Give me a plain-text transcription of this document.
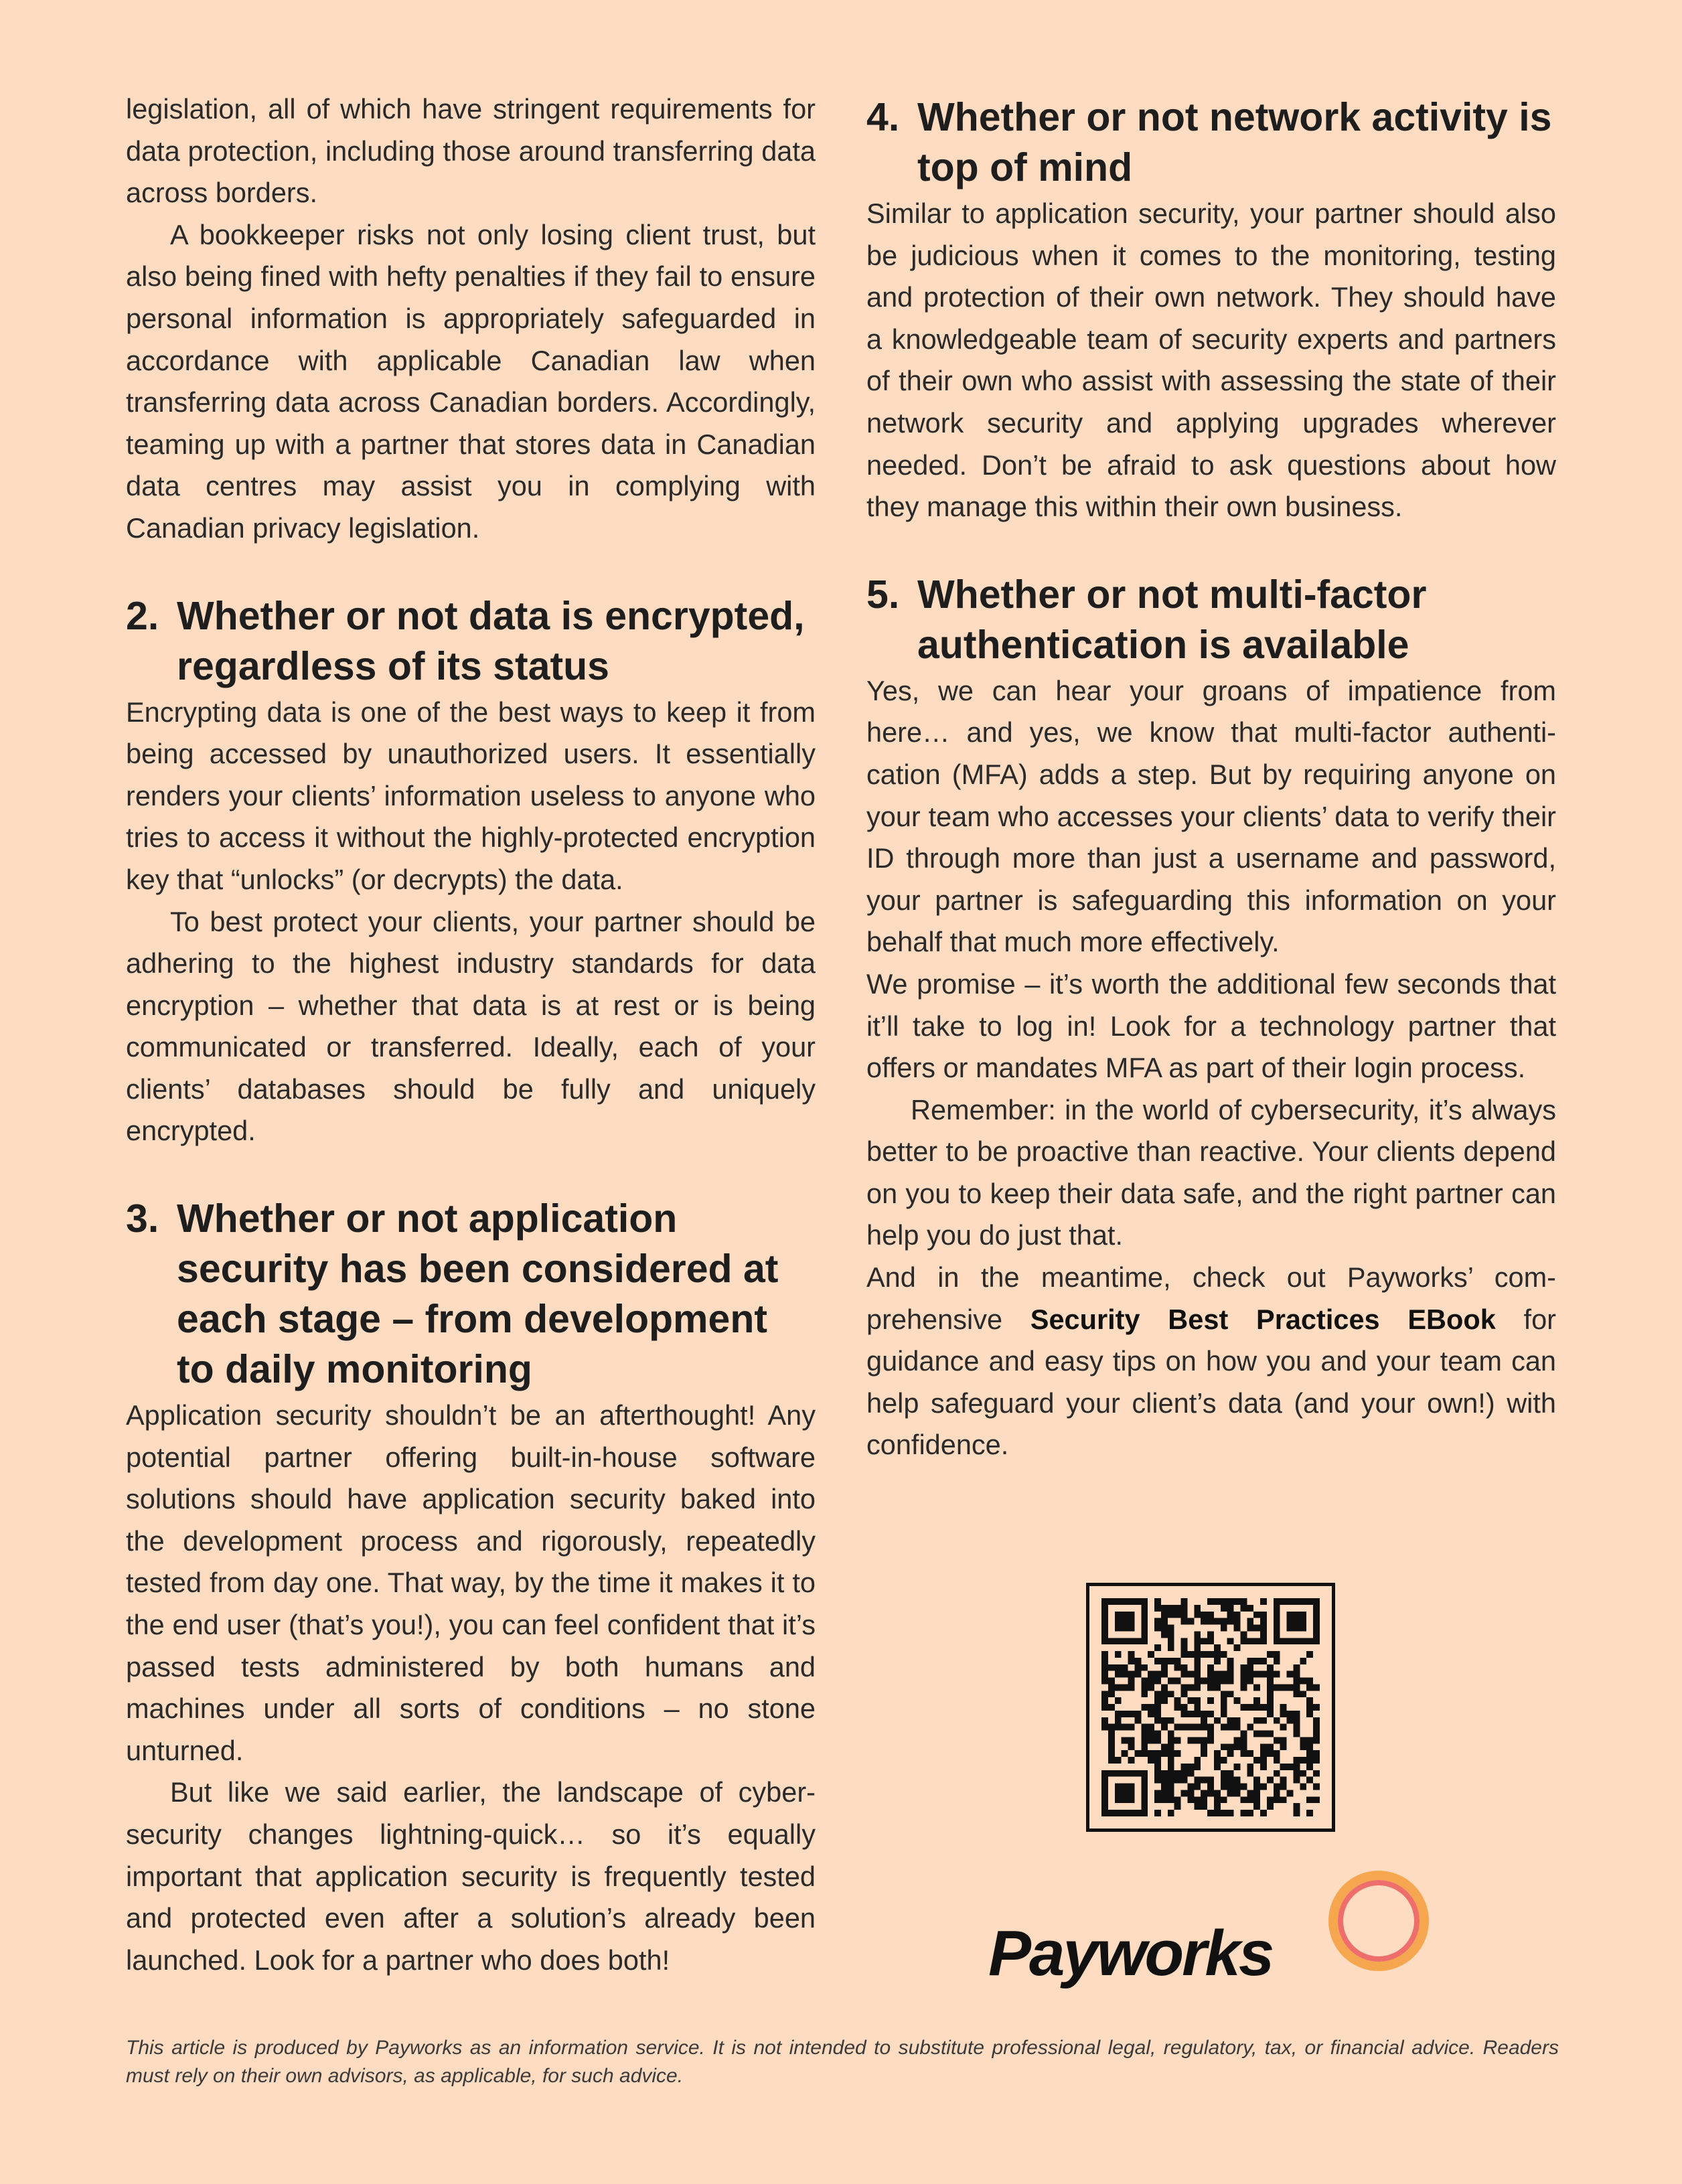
legislation, all of which have stringent requirements for data protection, including those around transferring data across borders.

A bookkeeper risks not only losing client trust, but also being fined with hefty penalties if they fail to ensure personal information is appropriately safeguarded in accordance with applicable Canadian law when transferring data across Canadian borders. Accordingly, teaming up with a partner that stores data in Canadian data centres may assist you in complying with Canadian privacy legislation.

2. Whether or not data is encrypted, regardless of its status

Encrypting data is one of the best ways to keep it from being accessed by unauthorized users. It essentially renders your clients’ information useless to anyone who tries to access it without the highly-protected encryption key that “unlocks” (or decrypts) the data.

To best protect your clients, your partner should be adhering to the highest industry standards for data encryption – whether that data is at rest or is being communicated or transferred. Ideally, each of your clients’ databases should be fully and uniquely encrypted.

3. Whether or not application security has been considered at each stage – from development to daily monitoring

Application security shouldn’t be an afterthought! Any potential partner offering built-in-house software solutions should have application security baked into the development process and rigorously, repeatedly tested from day one. That way, by the time it makes it to the end user (that’s you!), you can feel confident that it’s passed tests administered by both humans and machines under all sorts of conditions – no stone unturned.

But like we said earlier, the landscape of cybersecurity changes lightning-quick… so it’s equally important that application security is frequently tested and protected even after a solution’s already been launched. Look for a partner who does both!

4. Whether or not network activity is top of mind

Similar to application security, your partner should also be judicious when it comes to the monitoring, testing and protection of their own network. They should have a knowledgeable team of security experts and partners of their own who assist with assessing the state of their network security and applying upgrades wherever needed. Don’t be afraid to ask questions about how they manage this within their own business.

5. Whether or not multi-factor authentication is available

Yes, we can hear your groans of impatience from here… and yes, we know that multi-factor authentication (MFA) adds a step. But by requiring anyone on your team who accesses your clients’ data to verify their ID through more than just a username and password, your partner is safeguarding this information on your behalf that much more effectively.

We promise – it’s worth the additional few seconds that it’ll take to log in! Look for a technology partner that offers or mandates MFA as part of their login process.

Remember: in the world of cybersecurity, it’s always better to be proactive than reactive. Your clients depend on you to keep their data safe, and the right partner can help you do just that.

And in the meantime, check out Payworks’ comprehensive Security Best Practices EBook for guidance and easy tips on how you and your team can help safeguard your client’s data (and your own!) with confidence.

Payworks
This article is produced by Payworks as an information service. It is not intended to substitute professional legal, regulatory, tax, or financial advice. Readers must rely on their own advisors, as applicable, for such advice.
